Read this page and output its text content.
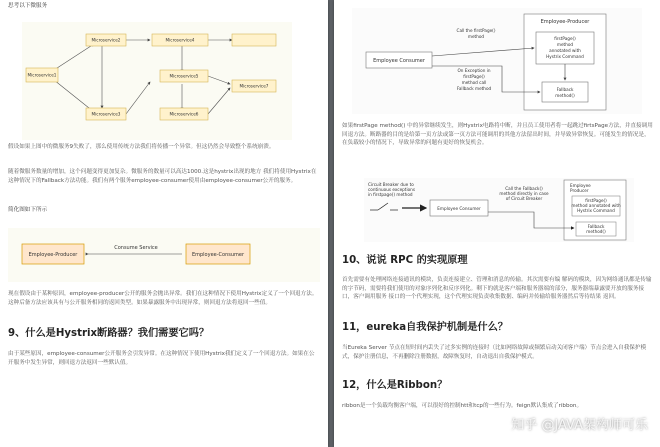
思考以下微服务

Microservice1
Microservice2
Microservice3
Microservice4
Microservice5
Microservice6
Microservice7

假设如果上图中的微服务9失败了，那么使用传统方法我们将传播一个异常。但这仍然会导致整个系统崩溃。

随着微服务数量的增加，这个问题变得更加复杂。微服务的数量可以高达1000.这是hystrix出现的地方 我们将使用Hystrix在这种情况下的Fallback方法功能。我们有两个服务employee-consumer使用由employee-consumer公开的服务。

简化图如下所示

Employee-Producer	Employee-Consumer
Consume Service

现在假设由于某种原因，employee-producer公开的服务会抛出异常。我们在这种情况下使用Hystrix定义了一个回退方法。这种后备方法应该具有与公开服务相同的返回类型。如果暴露服务中出现异常，则回退方法将返回一些值。

9、什么是Hystrix断路器？我们需要它吗？

由于某些原因，employee-consumer公开服务会引发异常。在这种情况下使用Hystrix我们定义了一个回退方法。如果在公开服务中发生异常，则回退方法返回一些默认值。

Employee Consumer
Employee-Producer
firstPage()
method
annotated with
Hystrix Command
Fallback
method()
Call the firstPage()
method
On Exception in
firstPage()
method call
Fallback method

如果firstPage method() 中的异常继续发生，则Hystrix电路将中断，并且员工使用者将一起跳过firtsPage方法，并直接调用回退方法。断路器的目的是给第一页方法或第一页方法可能调用的其他方法留出时间，并导致异常恢复。可能发生的情况是，在负载较小的情况下，导致异常的问题有更好的恢复机会。

Circuit Breaker due to
continuous exceptions
in firstpage() method
Employee Consumer
Employee
Producer
firstPage()
method annotated with
Hystrix Command
Fallback
method()
Call the Fallback()
method directly in case
of Circuit Breaker

10、说说 RPC 的实现原理

首先需要有处理网络连接通讯的模块，负责连接建立、管理和消息的传输。其次需要有编 解码的模块，因为网络通讯都是传输的字节码，需要将我们使用的对象序列化和反序列化。剩下的就是客户端和服务器端的部分，服务器端暴露要开放的服务接口，客户调用服务 接口的一个代理实现，这个代理实现负责收集数据、编码并传输给服务器然后等待结果 返回。

11，eureka自我保护机制是什么？

当Eureka Server 节点在短时间内丢失了过多实例的连接时（比如网络故障或频繁启动关闭客户端）节点会进入自我保护模式，保护注册信息，不再删除注册数据，故障恢复时，自动退出自我保护模式。

12，什么是Ribbon？

ribbon是一个负载均衡客户端，可以很好的控制htt和tcp的一些行为。feign默认集成了ribbon。

知乎 @JAVA架构师可乐
